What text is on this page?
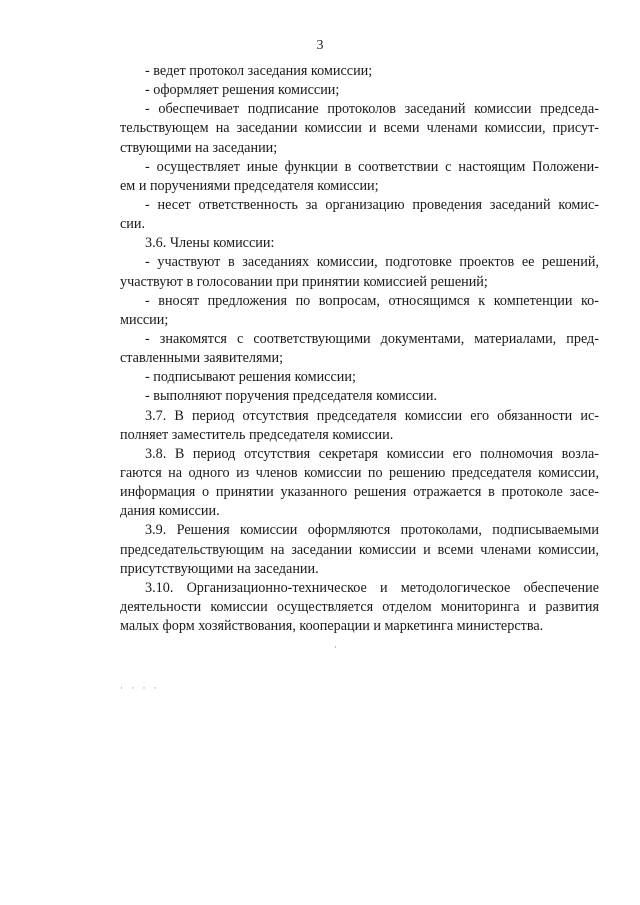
3
- ведет протокол заседания комиссии;
- оформляет решения комиссии;
- обеспечивает подписание протоколов заседаний комиссии председа-
тельствующем на заседании комиссии и всеми членами комиссии, присут-
ствующими на заседании;
- осуществляет иные функции в соответствии с настоящим Положени-
ем и поручениями председателя комиссии;
- несет ответственность за организацию проведения заседаний комис-
сии.
3.6. Члены комиссии:
- участвуют в заседаниях комиссии, подготовке проектов ее решений,
участвуют в голосовании при принятии комиссией решений;
- вносят предложения по вопросам, относящимся к компетенции ко-
миссии;
- знакомятся с соответствующими документами, материалами, пред-
ставленными заявителями;
- подписывают решения комиссии;
- выполняют поручения председателя комиссии.
3.7. В период отсутствия председателя комиссии его обязанности ис-
полняет заместитель председателя комиссии.
3.8. В период отсутствия секретаря комиссии его полномочия возла-
гаются на одного из членов комиссии по решению председателя комиссии,
информация о принятии указанного решения отражается в протоколе засе-
дания комиссии.
3.9. Решения комиссии оформляются протоколами, подписываемыми
председательствующим на заседании комиссии и всеми членами комиссии,
присутствующими на заседании.
3.10. Организационно-техническое и методологическое обеспечение
деятельности комиссии осуществляется отделом мониторинга и развития
малых форм хозяйствования, кооперации и маркетинга министерства.
·
· · · ·
